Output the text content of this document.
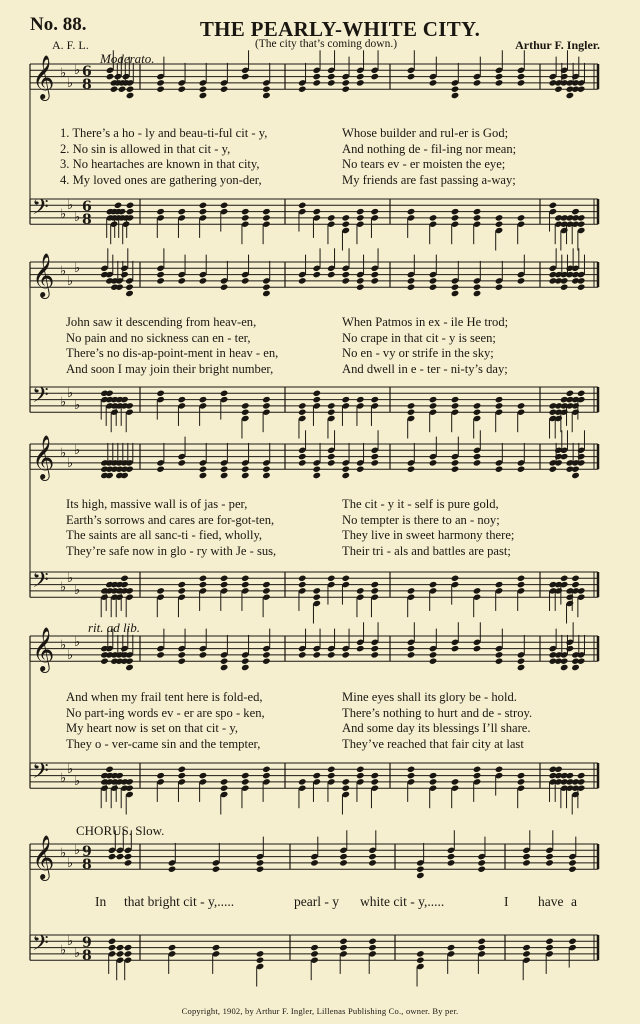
No. 88.	THE PEARLY-WHITE CITY.
A. F. L.	(The city that’s coming down.)	Arthur F. Ingler.
Moderato.
rit. ad lib.
CHORUS. Slow.
𝄞 ♭
♭
♭ 6
8
𝄢 ♭
♭
♭
6
8
𝄞 ♭
♭
♭
𝄢 ♭
♭
♭
𝄞 ♭
♭
♭
𝄢 ♭
♭
♭
𝄞 ♭
♭
♭
𝄢 ♭
♭
♭
𝄞 ♭
♭
♭ 9
8
𝄢 ♭
♭
♭
9
8
1. There’s a ho - ly and beau-ti-ful cit - y,	Whose builder and rul-er is God;
2. No sin is allowed in that cit - y,	And nothing de - fil-ing nor mean;
3. No heartaches are known in that city,	No tears ev - er moisten the eye;
4. My loved ones are gathering yon-der,	My friends are fast passing a-way;
John saw it descending from heav-en,	When Patmos in ex - ile He trod;
No pain and no sickness can en - ter,	No crape in that cit - y is seen;
There’s no dis-ap-point-ment in heav - en,	No en - vy or strife in the sky;
And soon I may join their bright number,	And dwell in e - ter - ni-ty’s day;
Its high, massive wall is of jas - per,	The cit - y it - self is pure gold,
Earth’s sorrows and cares are for-got-ten,	No tempter is there to an - noy;
The saints are all sanc-ti - fied, wholly,	They live in sweet harmony there;
They’re safe now in glo - ry with Je - sus,	Their tri - als and battles are past;
And when my frail tent here is fold-ed,	Mine eyes shall its glory be - hold.
No part-ing words ev - er are spo - ken,	There’s nothing to hurt and de - stroy.
My heart now is set on that cit - y,	And some day its blessings I’ll share.
They o - ver-came sin and the tempter,	They’ve reached that fair city at last
In that bright cit - y,.....	pearl - y white cit - y,.....	I have a
Copyright, 1902, by Arthur F. Ingler, Lillenas Publishing Co., owner. By per.
